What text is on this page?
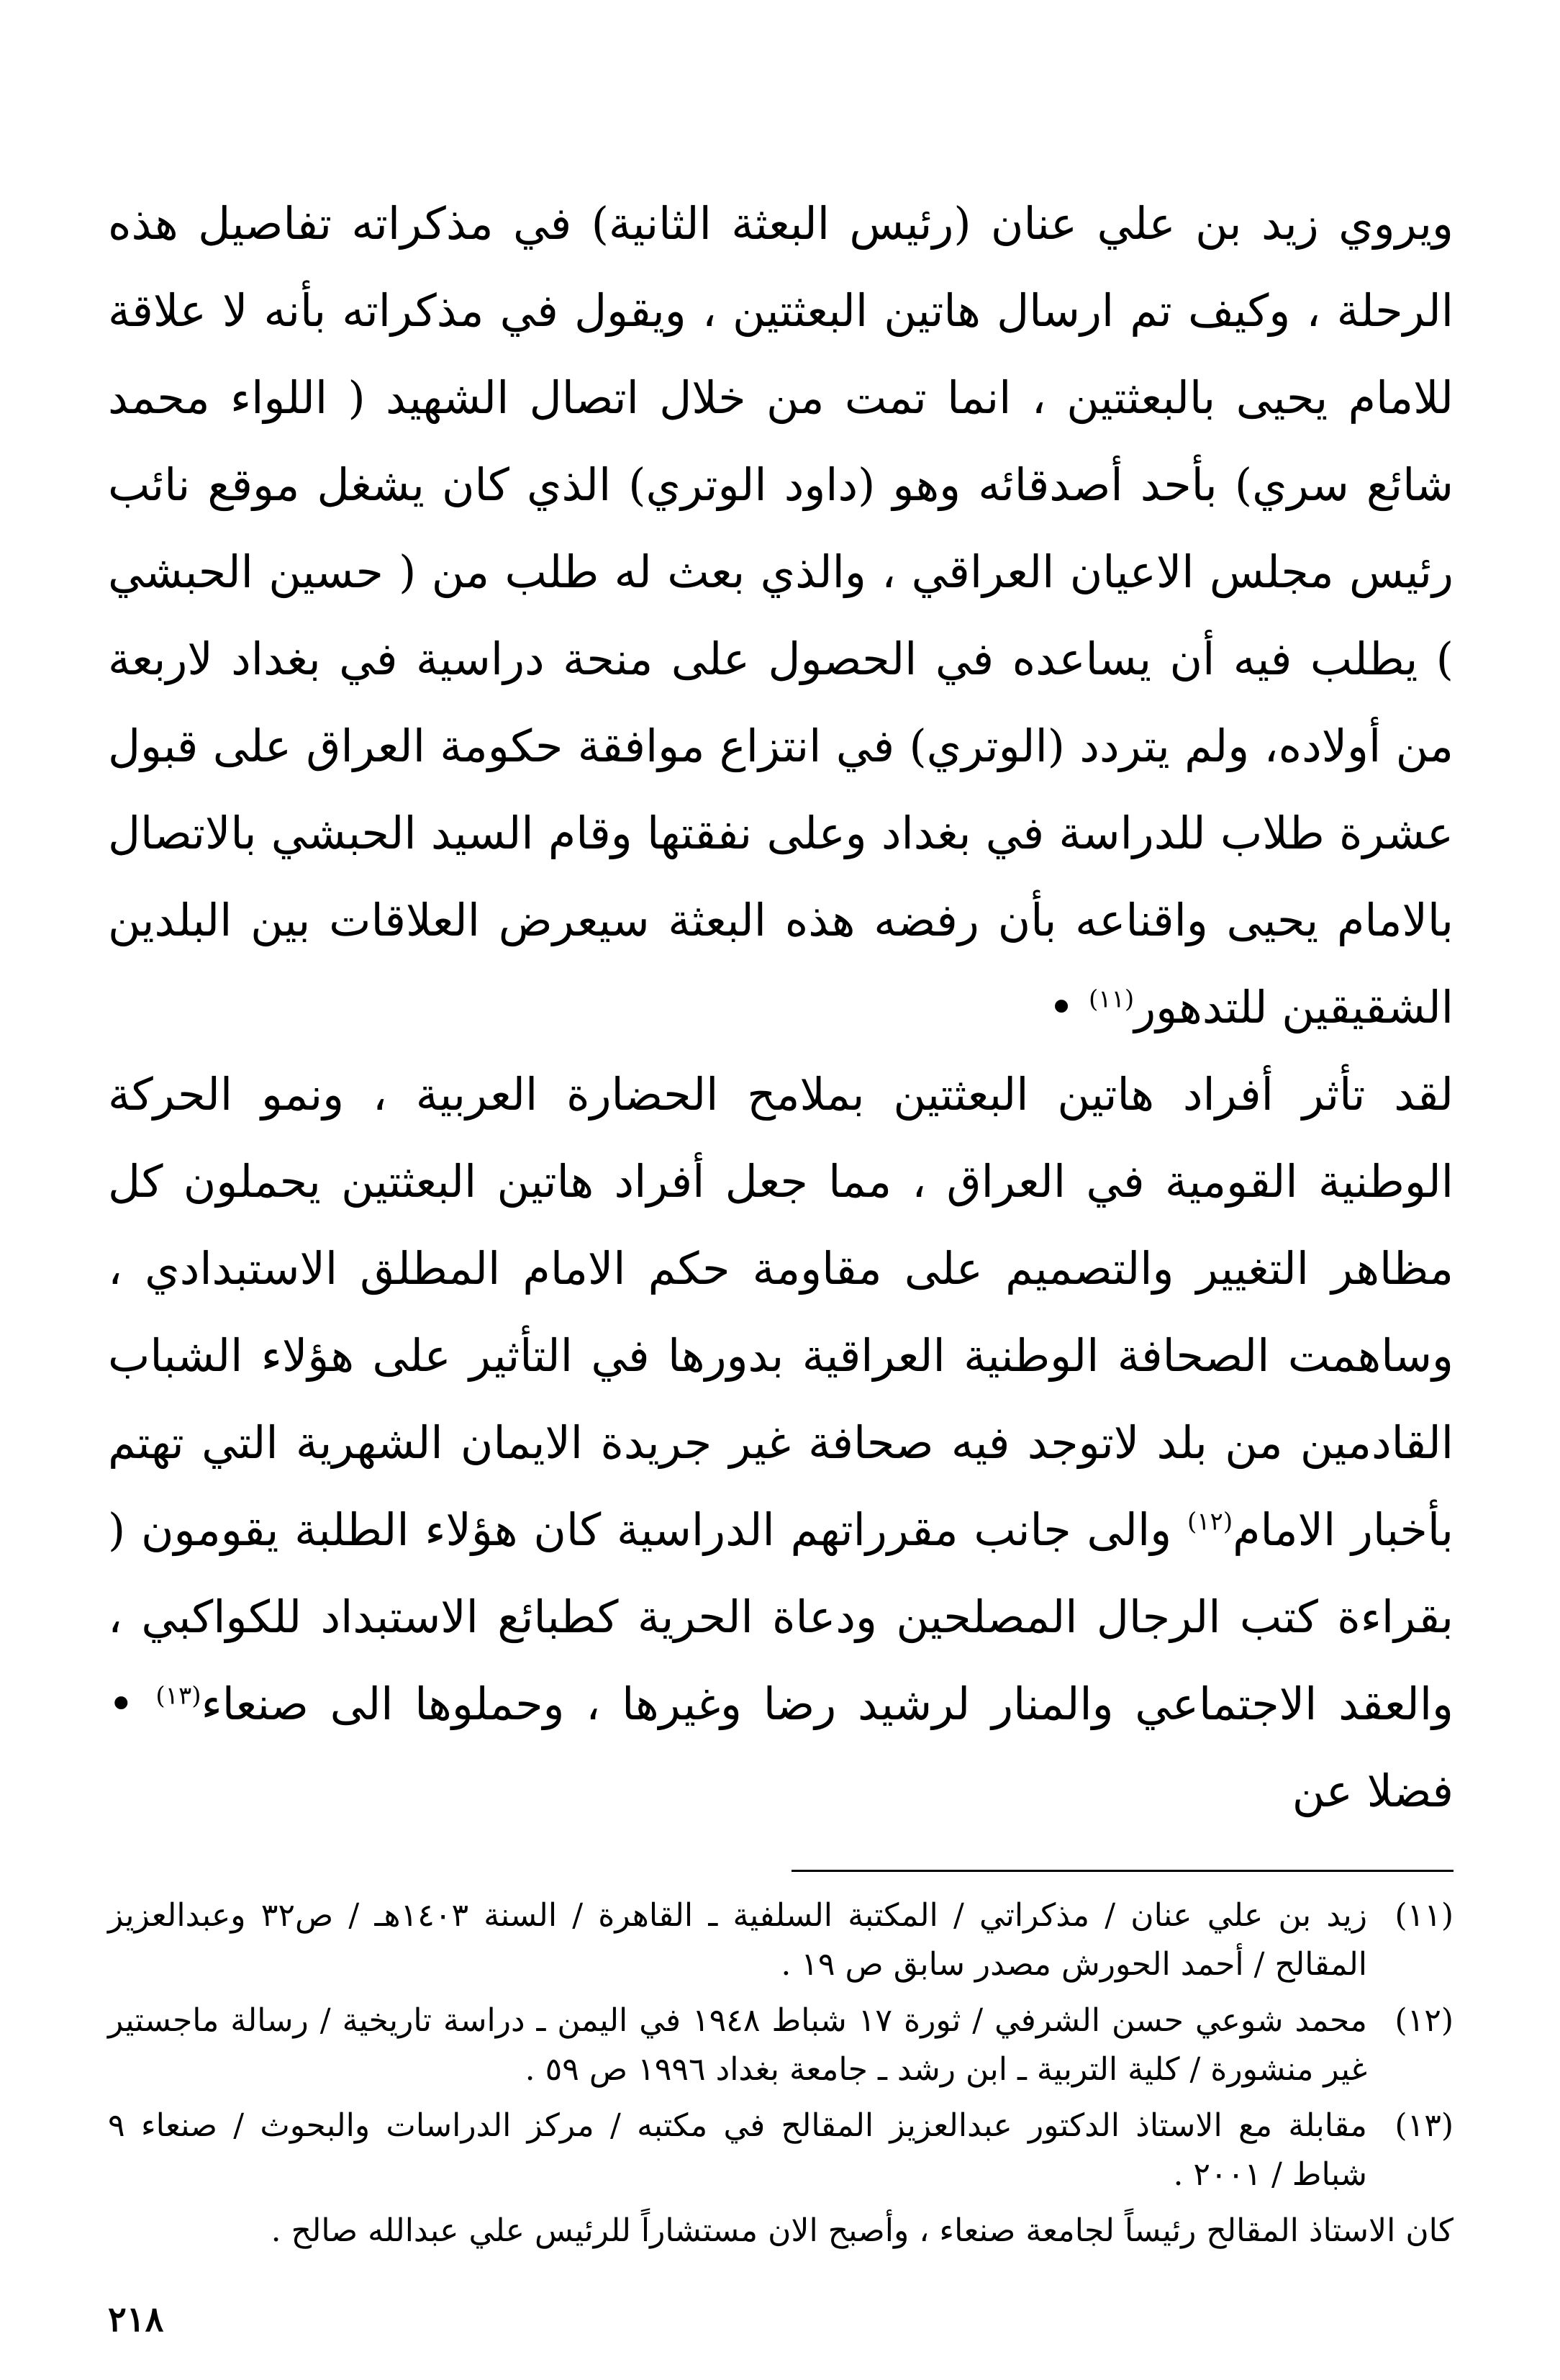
ويروي زيد بن علي عنان (رئيس البعثة الثانية) في مذكراته تفاصيل هذه الرحلة ، وكيف تم ارسال هاتين البعثتين ، ويقول في مذكراته بأنه لا علاقة للامام يحيى بالبعثتين ، انما تمت من خلال اتصال الشهيد ( اللواء محمد شائع سري) بأحد أصدقائه وهو (داود الوتري) الذي كان يشغل موقع نائب رئيس مجلس الاعيان العراقي ، والذي بعث له طلب من ( حسين الحبشي ) يطلب فيه أن يساعده في الحصول على منحة دراسية في بغداد لاربعة من أولاده، ولم يتردد (الوتري) في انتزاع موافقة حكومة العراق على قبول عشرة طلاب للدراسة في بغداد وعلى نفقتها وقام السيد الحبشي بالاتصال بالامام يحيى واقناعه بأن رفضه هذه البعثة سيعرض العلاقات بين البلدين الشقيقين للتدهور$^{(١١)}$ •

لقد تأثر أفراد هاتين البعثتين بملامح الحضارة العربية ، ونمو الحركة الوطنية القومية في العراق ، مما جعل أفراد هاتين البعثتين يحملون كل مظاهر التغيير والتصميم على مقاومة حكم الامام المطلق الاستبدادي ، وساهمت الصحافة الوطنية العراقية بدورها في التأثير على هؤلاء الشباب القادمين من بلد لاتوجد فيه صحافة غير جريدة الايمان الشهرية التي تهتم بأخبار الامام$^{(١٢)}$ والى جانب مقرراتهم الدراسية كان هؤلاء الطلبة يقومون ( بقراءة كتب الرجال المصلحين ودعاة الحرية كطبائع الاستبداد للكواكبي ، والعقد الاجتماعي والمنار لرشيد رضا وغيرها ، وحملوها الى صنعاء$^{(١٣)}$ • فضلا عن

(١١)
زيد بن علي عنان / مذكراتي / المكتبة السلفية ـ القاهرة / السنة ١٤٠٣هـ / ص٣٢ وعبدالعزيز المقالح / أحمد الحورش مصدر سابق ص ١٩ .
(١٢)
محمد شوعي حسن الشرفي / ثورة ١٧ شباط ١٩٤٨ في اليمن ـ دراسة تاريخية / رسالة ماجستير غير منشورة / كلية التربية ـ ابن رشد ـ جامعة بغداد ١٩٩٦ ص ٥٩ .
(١٣)
مقابلة مع الاستاذ الدكتور عبدالعزيز المقالح في مكتبه / مركز الدراسات والبحوث / صنعاء ٩ شباط / ٢٠٠١ .
كان الاستاذ المقالح رئيساً لجامعة صنعاء ، وأصبح الان مستشاراً للرئيس علي عبدالله صالح .
٢١٨
